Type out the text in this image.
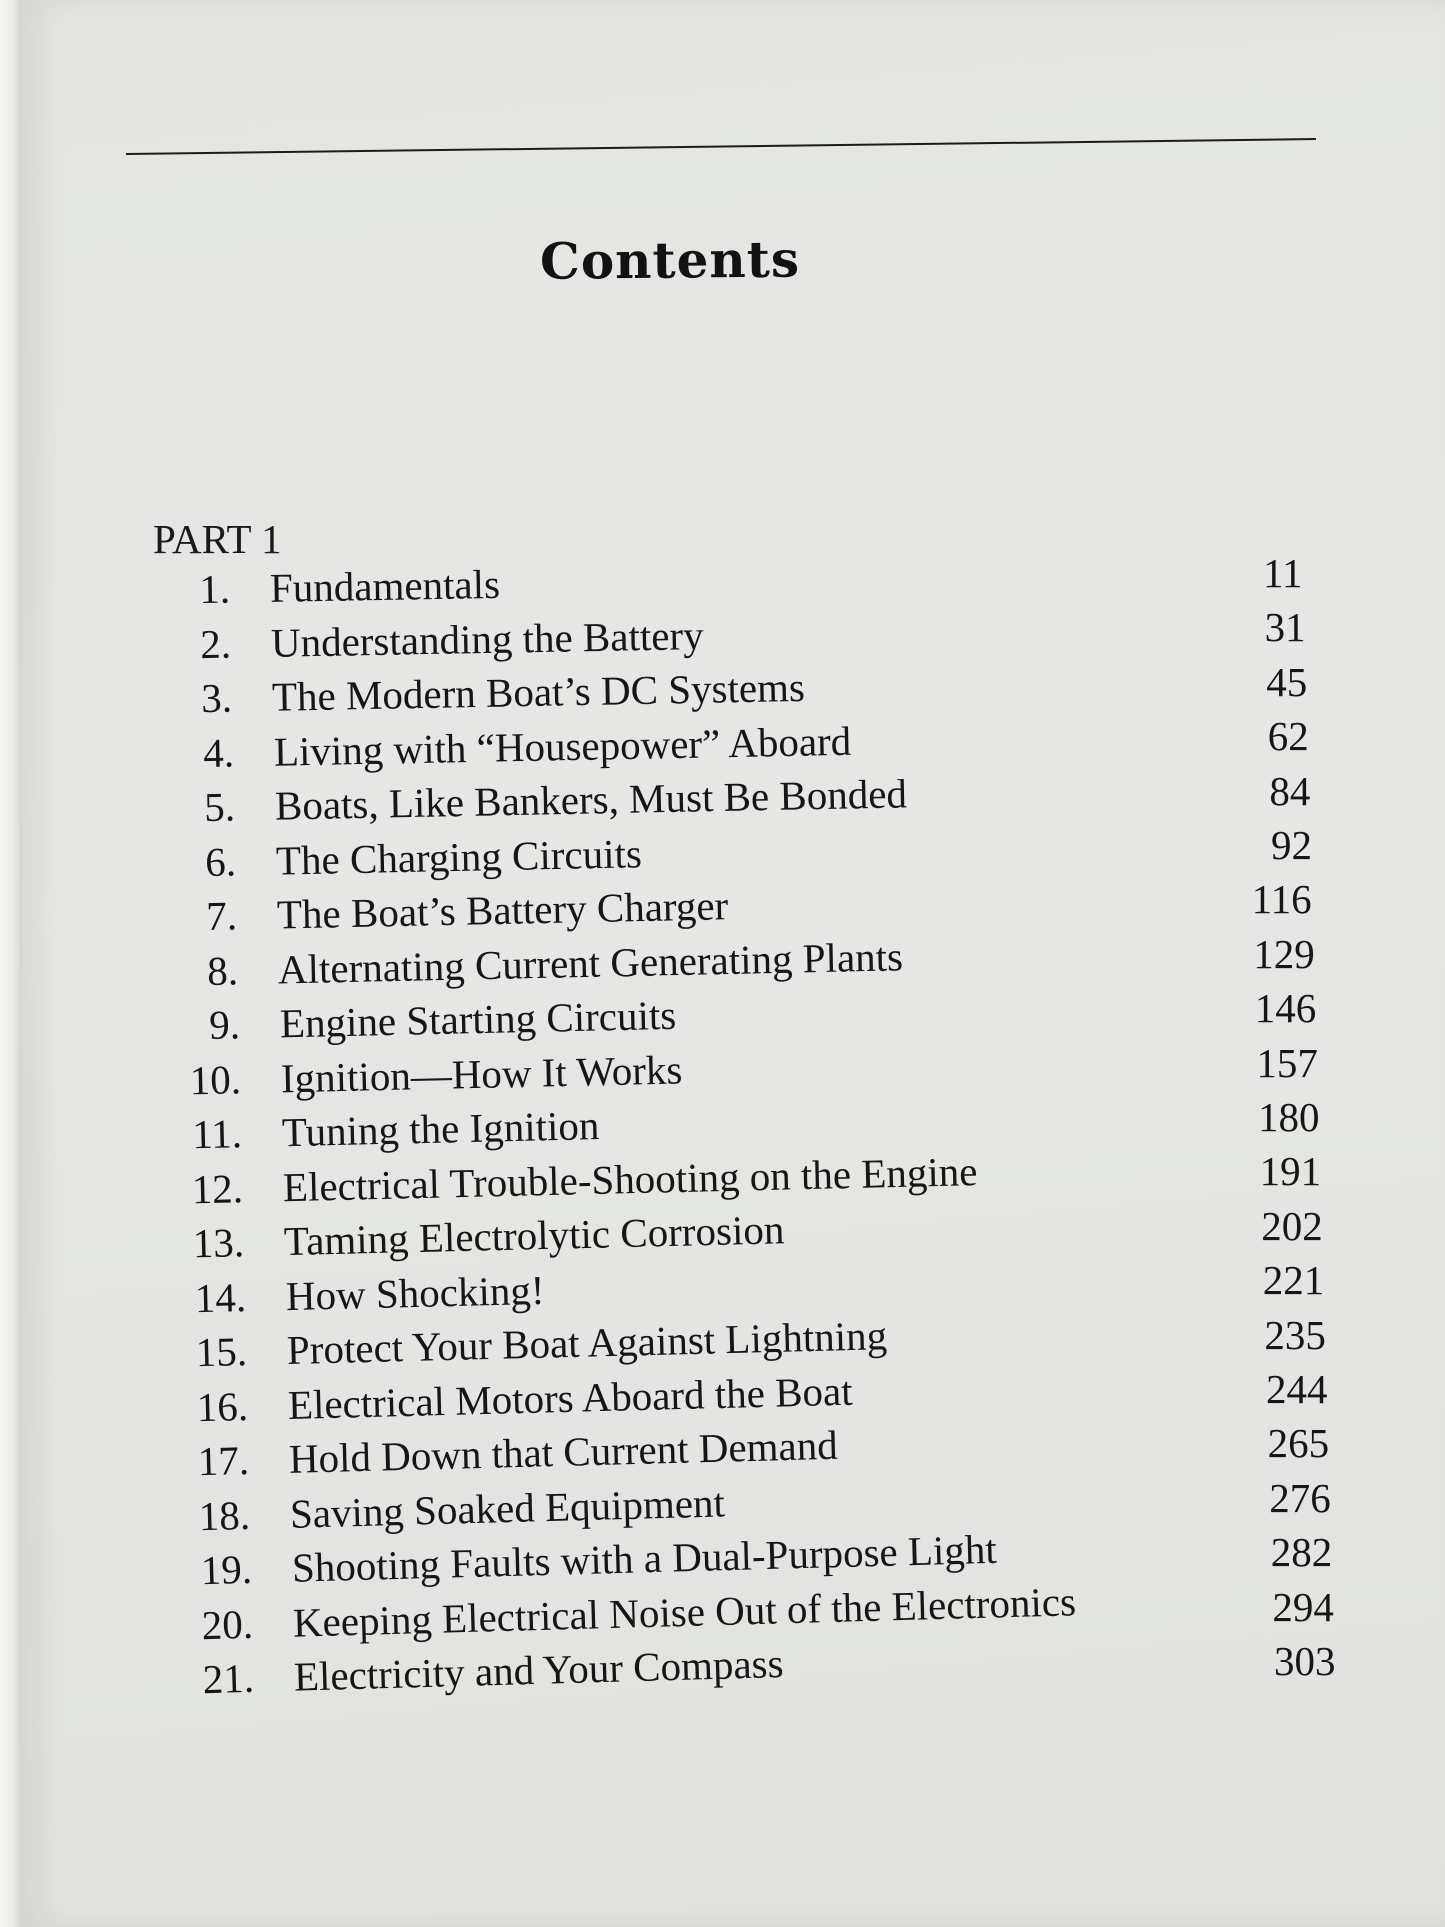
Contents
PART 1
1. Fundamentals	11
2. Understanding the Battery	31
3. The Modern Boat’s DC Systems	45
4. Living with “Housepower” Aboard	62
5. Boats, Like Bankers, Must Be Bonded	84
6. The Charging Circuits	92
7. The Boat’s Battery Charger	116
8. Alternating Current Generating Plants	129
9. Engine Starting Circuits	146
10. Ignition—How It Works	157
11. Tuning the Ignition	180
12. Electrical Trouble-Shooting on the Engine	191
13. Taming Electrolytic Corrosion	202
14. How Shocking!	221
15. Protect Your Boat Against Lightning	235
16. Electrical Motors Aboard the Boat	244
17. Hold Down that Current Demand	265
18. Saving Soaked Equipment	276
19. Shooting Faults with a Dual-Purpose Light	282
20. Keeping Electrical Noise Out of the Electronics	294
21. Electricity and Your Compass	303
